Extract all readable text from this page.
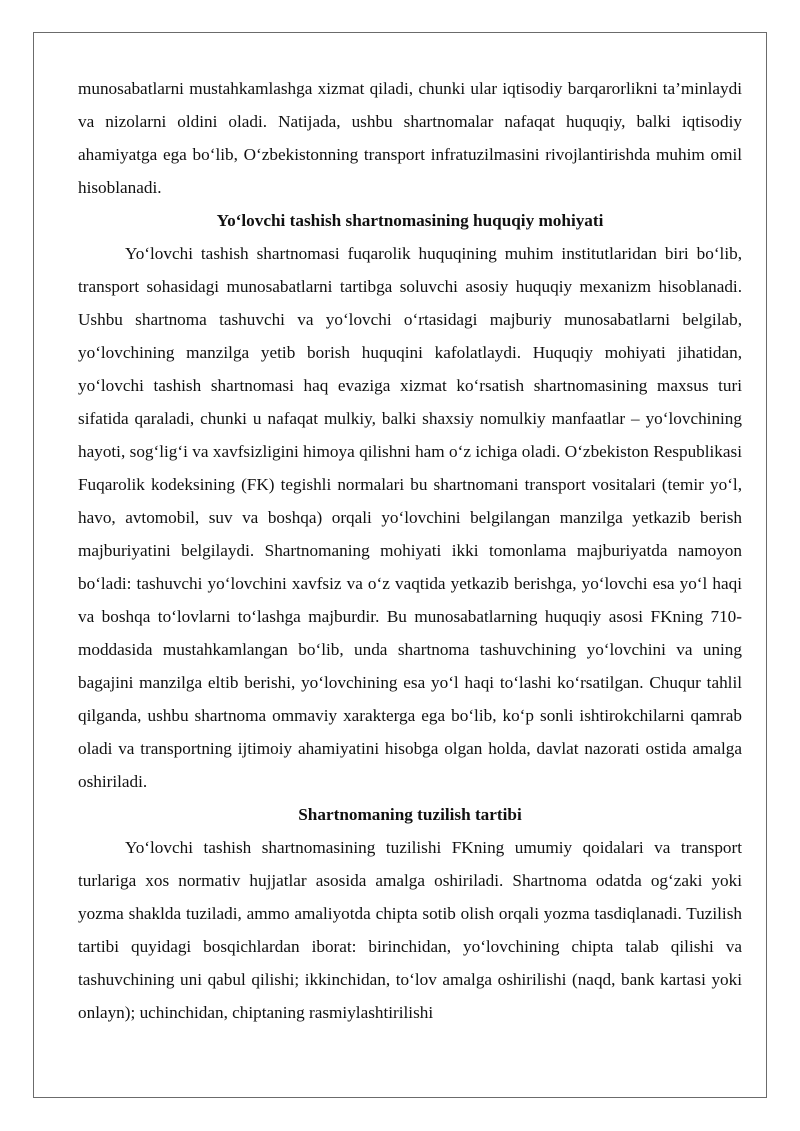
munosabatlarni mustahkamlashga xizmat qiladi, chunki ular iqtisodiy barqarorlikni ta’minlaydi va nizolarni oldini oladi. Natijada, ushbu shartnomalar nafaqat huquqiy, balki iqtisodiy ahamiyatga ega bo‘lib, O‘zbekistonning transport infratuzilmasini rivojlantirishda muhim omil hisoblanadi.

Yo‘lovchi tashish shartnomasining huquqiy mohiyati

Yo‘lovchi tashish shartnomasi fuqarolik huquqining muhim institutlaridan biri bo‘lib, transport sohasidagi munosabatlarni tartibga soluvchi asosiy huquqiy mexanizm hisoblanadi. Ushbu shartnoma tashuvchi va yo‘lovchi o‘rtasidagi majburiy munosabatlarni belgilab, yo‘lovchining manzilga yetib borish huquqini kafolatlaydi. Huquqiy mohiyati jihatidan, yo‘lovchi tashish shartnomasi haq evaziga xizmat ko‘rsatish shartnomasining maxsus turi sifatida qaraladi, chunki u nafaqat mulkiy, balki shaxsiy nomulkiy manfaatlar – yo‘lovchining hayoti, sog‘lig‘i va xavfsizligini himoya qilishni ham o‘z ichiga oladi. O‘zbekiston Respublikasi Fuqarolik kodeksining (FK) tegishli normalari bu shartnomani transport vositalari (temir yo‘l, havo, avtomobil, suv va boshqa) orqali yo‘lovchini belgilangan manzilga yetkazib berish majburiyatini belgilaydi. Shartnomaning mohiyati ikki tomonlama majburiyatda namoyon bo‘ladi: tashuvchi yo‘lovchini xavfsiz va o‘z vaqtida yetkazib berishga, yo‘lovchi esa yo‘l haqi va boshqa to‘lovlarni to‘lashga majburdir. Bu munosabatlarning huquqiy asosi FKning 710-moddasida mustahkamlangan bo‘lib, unda shartnoma tashuvchining yo‘lovchini va uning bagajini manzilga eltib berishi, yo‘lovchining esa yo‘l haqi to‘lashi ko‘rsatilgan. Chuqur tahlil qilganda, ushbu shartnoma ommaviy xarakterga ega bo‘lib, ko‘p sonli ishtirokchilarni qamrab oladi va transportning ijtimoiy ahamiyatini hisobga olgan holda, davlat nazorati ostida amalga oshiriladi.

Shartnomaning tuzilish tartibi

Yo‘lovchi tashish shartnomasining tuzilishi FKning umumiy qoidalari va transport turlariga xos normativ hujjatlar asosida amalga oshiriladi. Shartnoma odatda og‘zaki yoki yozma shaklda tuziladi, ammo amaliyotda chipta sotib olish orqali yozma tasdiqlanadi. Tuzilish tartibi quyidagi bosqichlardan iborat: birinchidan, yo‘lovchining chipta talab qilishi va tashuvchining uni qabul qilishi; ikkinchidan, to‘lov amalga oshirilishi (naqd, bank kartasi yoki onlayn); uchinchidan, chiptaning rasmiylashtirilishi
